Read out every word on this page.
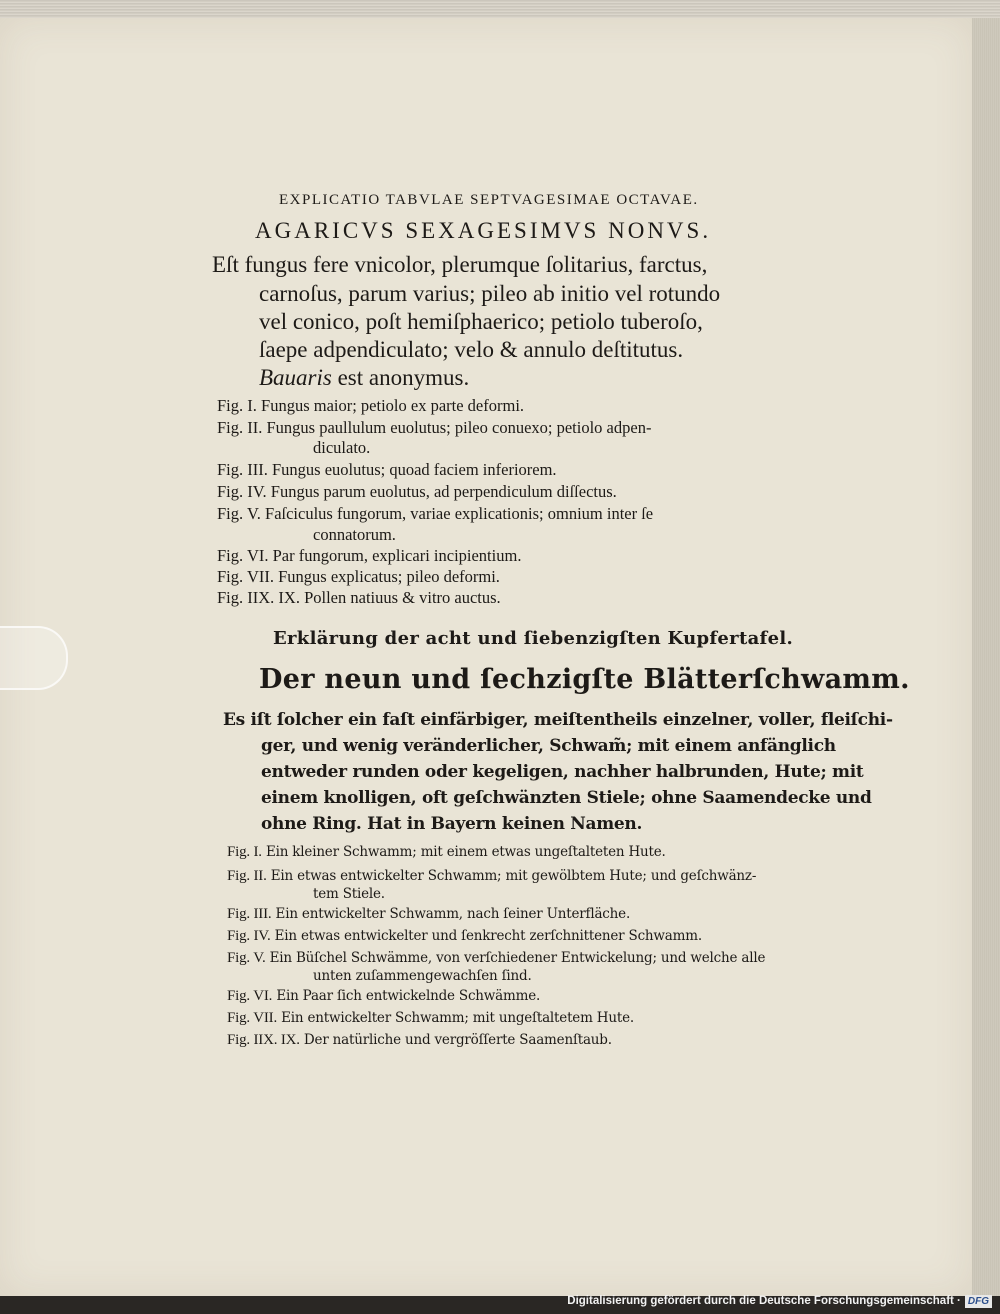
EXPLICATIO TABVLAE SEPTVAGESIMAE OCTAVAE.
AGARICVS SEXAGESIMVS NONVS.
Eſt fungus fere vnicolor, plerumque ſolitarius, farctus,
carnoſus, parum varius; pileo ab initio vel rotundo
vel conico, poſt hemiſphaerico; petiolo tuberoſo,
ſaepe adpendiculato; velo & annulo deſtitutus.
Bauaris est anonymus.
Fig. I. Fungus maior; petiolo ex parte deformi.
Fig. II. Fungus paullulum euolutus; pileo conuexo; petiolo adpen-
diculato.
Fig. III. Fungus euolutus; quoad faciem inferiorem.
Fig. IV. Fungus parum euolutus, ad perpendiculum diſſectus.
Fig. V. Faſciculus fungorum, variae explicationis; omnium inter ſe
connatorum.
Fig. VI. Par fungorum, explicari incipientium.
Fig. VII. Fungus explicatus; pileo deformi.
Fig. IIX. IX. Pollen natiuus & vitro auctus.
Erklärung der acht und ſiebenzigſten Kupfertafel.
Der neun und ſechzigſte Blätterſchwamm.
Es iſt ſolcher ein faſt einfärbiger, meiſtentheils einzelner, voller, fleiſchi-
ger, und wenig veränderlicher, Schwam̃; mit einem anfänglich
entweder runden oder kegeligen, nachher halbrunden, Hute; mit
einem knolligen, oft geſchwänzten Stiele; ohne Saamendecke und
ohne Ring. Hat in Bayern keinen Namen.
Fig. I. Ein kleiner Schwamm; mit einem etwas ungeſtalteten Hute.
Fig. II. Ein etwas entwickelter Schwamm; mit gewölbtem Hute; und geſchwänz-
tem Stiele.
Fig. III. Ein entwickelter Schwamm, nach ſeiner Unterfläche.
Fig. IV. Ein etwas entwickelter und ſenkrecht zerſchnittener Schwamm.
Fig. V. Ein Büſchel Schwämme, von verſchiedener Entwickelung; und welche alle
unten zuſammengewachſen ſind.
Fig. VI. Ein Paar ſich entwickelnde Schwämme.
Fig. VII. Ein entwickelter Schwamm; mit ungeſtaltetem Hute.
Fig. IIX. IX. Der natürliche und vergröſſerte Saamenſtaub.
Digitalisierung gefördert durch die Deutsche Forschungsgemeinschaft · DFG
